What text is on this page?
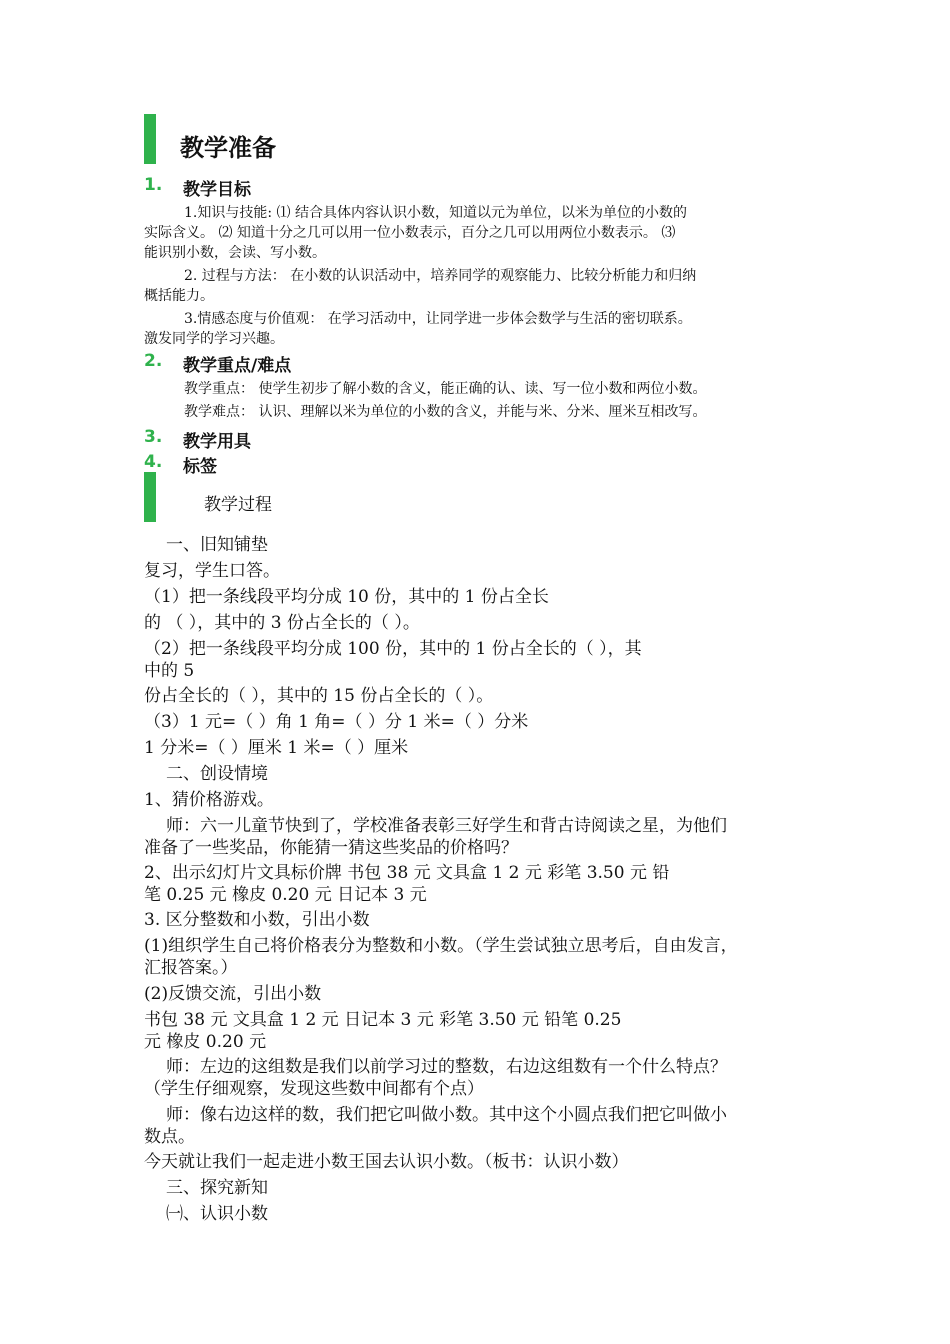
教学准备
1. 教学目标
1.知识与技能: ⑴ 结合具体内容认识小数，知道以元为单位，以米为单位的小数的
实际含义。 ⑵ 知道十分之几可以用一位小数表示，百分之几可以用两位小数表示。 ⑶
能识别小数，会读、写小数。
2. 过程与方法： 在小数的认识活动中，培养同学的观察能力、比较分析能力和归纳
概括能力。
3.情感态度与价值观： 在学习活动中，让同学进一步体会数学与生活的密切联系。
激发同学的学习兴趣。
2. 教学重点/难点
教学重点： 使学生初步了解小数的含义，能正确的认、读、写一位小数和两位小数。
教学难点： 认识、理解以米为单位的小数的含义，并能与米、分米、厘米互相改写。
3. 教学用具
4. 标签
教学过程
一、旧知铺垫
复习，学生口答。
（1）把一条线段平均分成 10 份，其中的 1 份占全长
的 （ ），其中的 3 份占全长的（ ）。
（2）把一条线段平均分成 100 份，其中的 1 份占全长的（ ），其
中的 5
份占全长的（ ），其中的 15 份占全长的（ ）。
（3）1 元=（ ）角 1 角=（ ）分 1 米=（ ）分米
1 分米=（ ）厘米 1 米=（ ）厘米
二、创设情境
1、猜价格游戏。
师：六一儿童节快到了，学校准备表彰三好学生和背古诗阅读之星，为他们
准备了一些奖品，你能猜一猜这些奖品的价格吗？
2、出示幻灯片文具标价牌 书包 38 元 文具盒 1 2 元 彩笔 3.50 元 铅
笔 0.25 元 橡皮 0.20 元 日记本 3 元
3. 区分整数和小数，引出小数
(1)组织学生自己将价格表分为整数和小数。（学生尝试独立思考后，自由发言，
汇报答案。）
(2)反馈交流，引出小数
书包 38 元 文具盒 1 2 元 日记本 3 元 彩笔 3.50 元 铅笔 0.25
元 橡皮 0.20 元
师：左边的这组数是我们以前学习过的整数，右边这组数有一个什么特点？
（学生仔细观察，发现这些数中间都有个点）
师：像右边这样的数，我们把它叫做小数。其中这个小圆点我们把它叫做小
数点。
今天就让我们一起走进小数王国去认识小数。（板书：认识小数）
三、探究新知
㈠、认识小数
